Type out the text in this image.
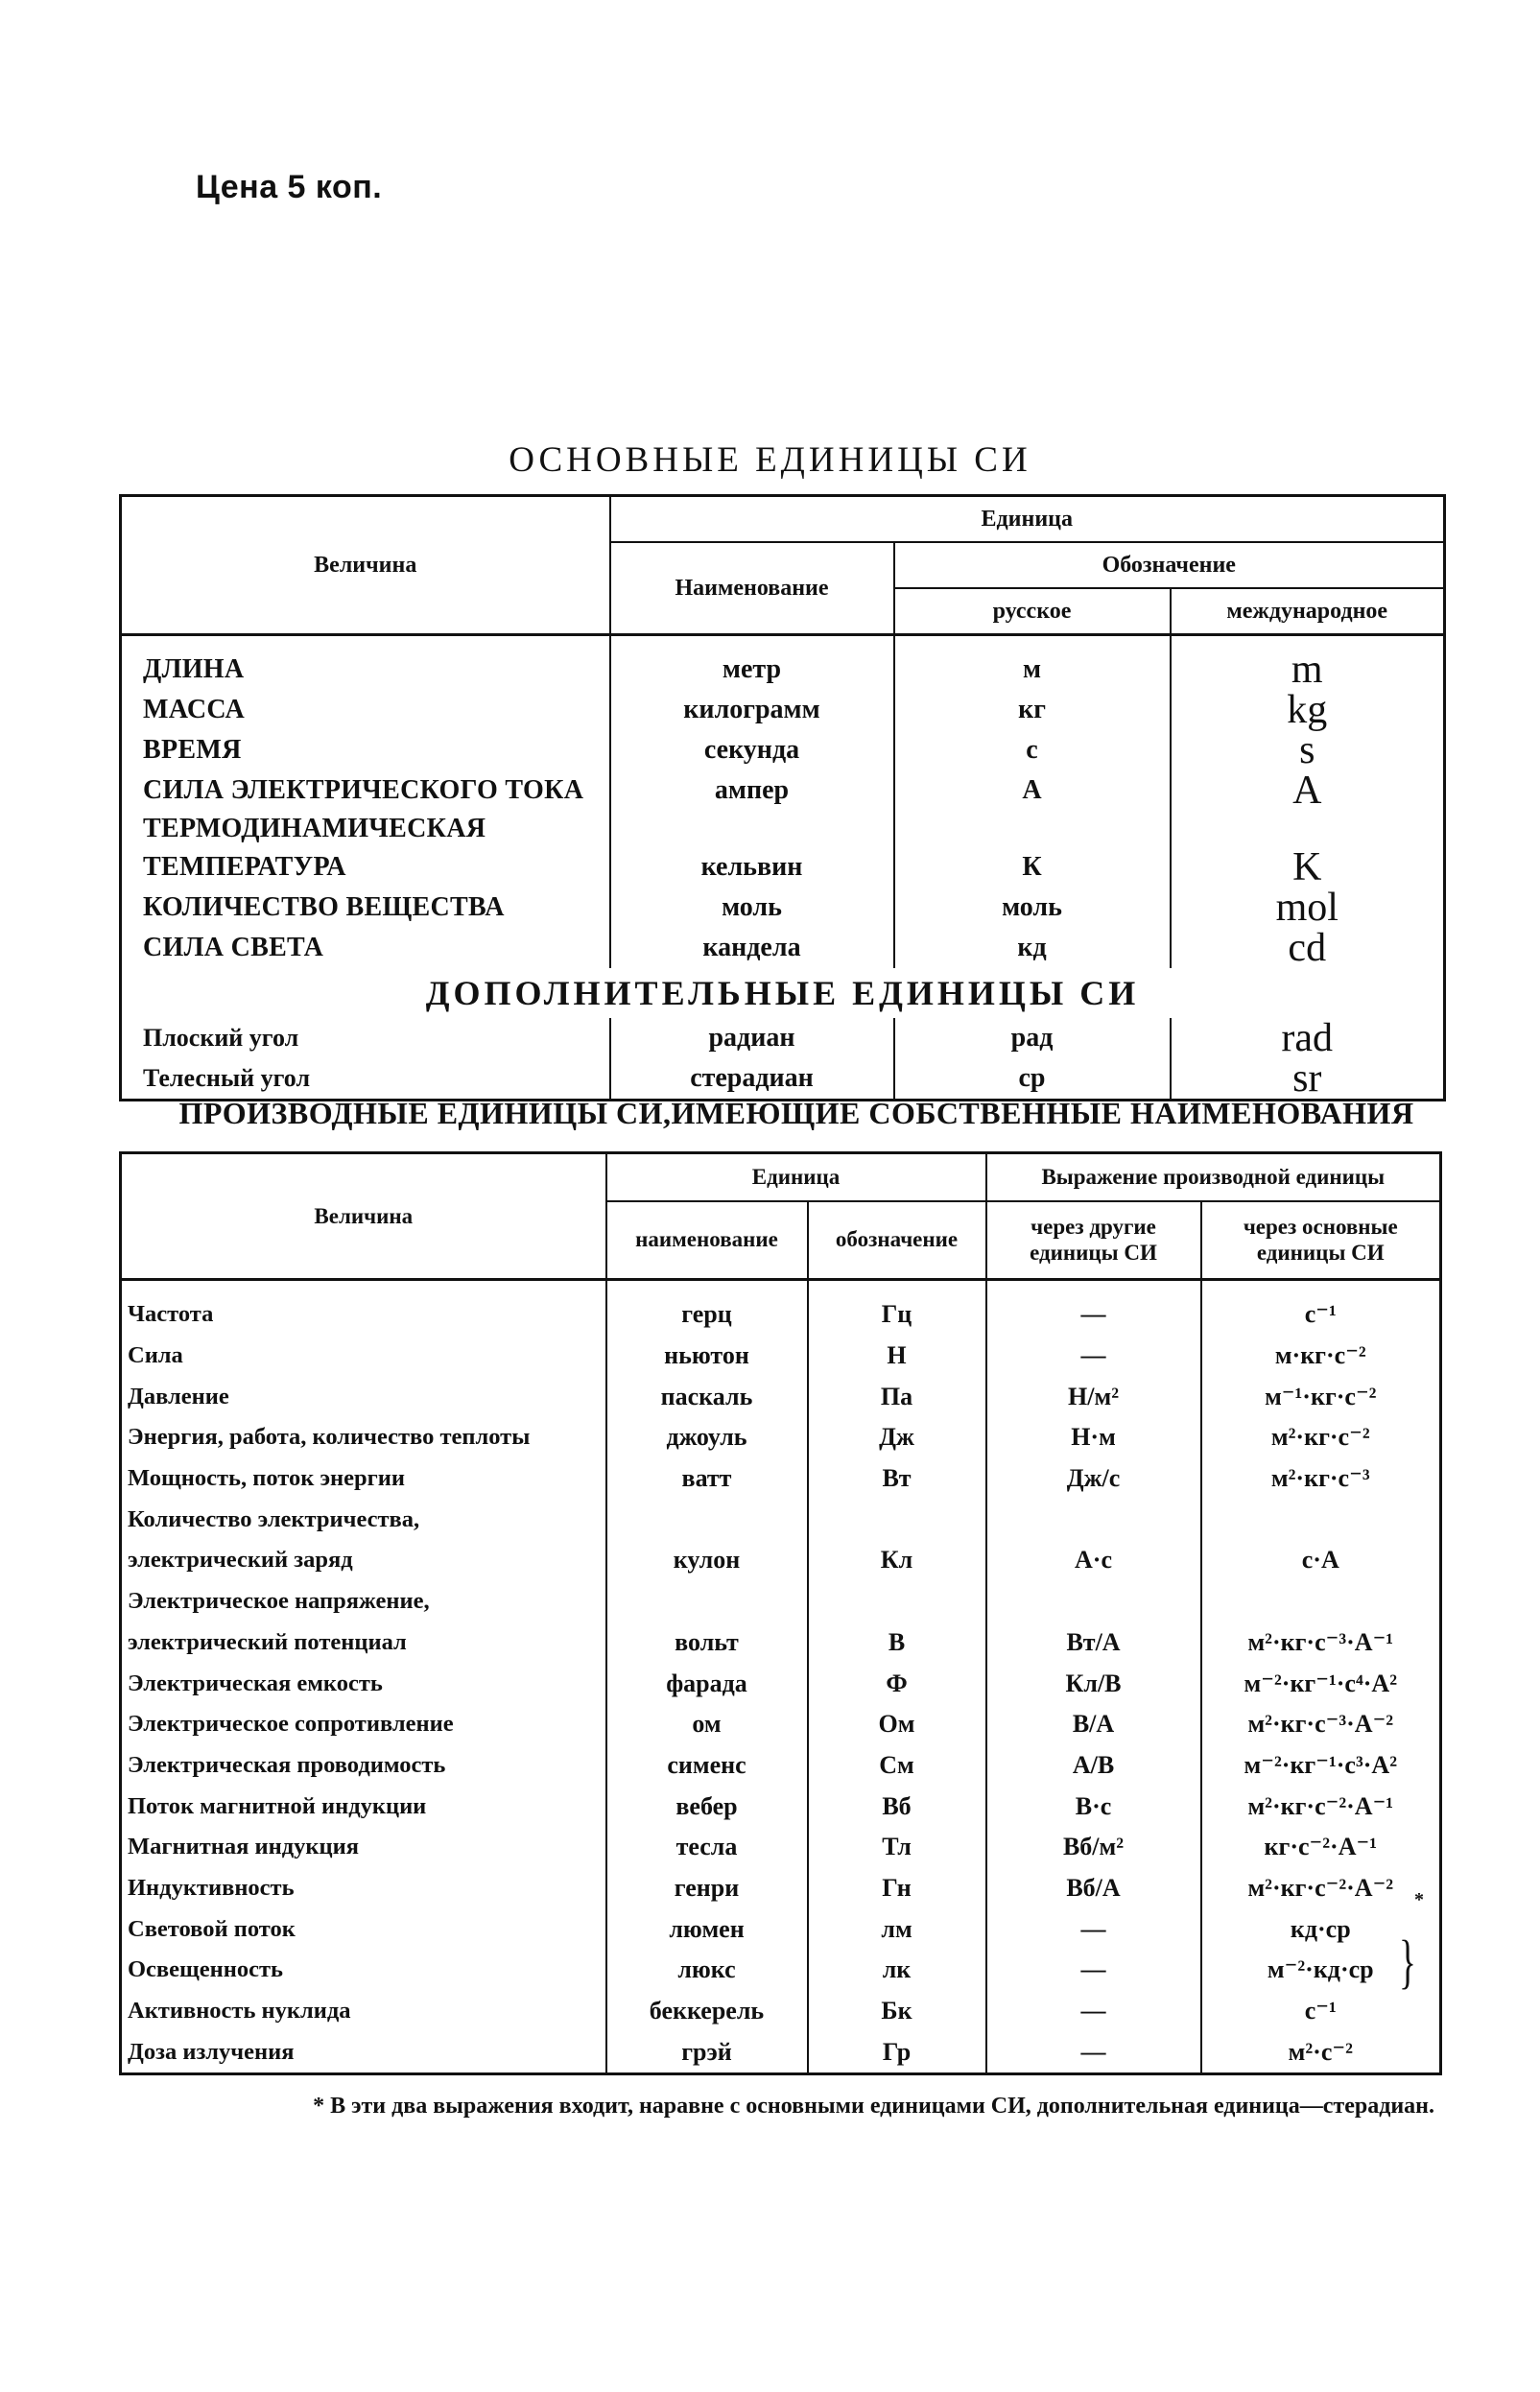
Цена 5 коп.
ОСНОВНЫЕ ЕДИНИЦЫ СИ
Величина	Единица		
	Наименование	Обозначение	
		русское	международное

ДЛИНА	метр	м	m
МАССА	килограмм	кг	kg
ВРЕМЯ	секунда	с	s
СИЛА ЭЛЕКТРИЧЕСКОГО ТОКА	ампер	А	A
ТЕРМОДИНАМИЧЕСКАЯ			
ТЕМПЕРАТУРА	кельвин	К	K
КОЛИЧЕСТВО ВЕЩЕСТВА	моль	моль	mol
СИЛА СВЕТА	кандела	кд	cd
ДОПОЛНИТЕЛЬНЫЕ ЕДИНИЦЫ СИ			
Плоский угол	радиан	рад	rad
Телесный угол	стерадиан	ср	sr
ПРОИЗВОДНЫЕ ЕДИНИЦЫ СИ,ИМЕЮЩИЕ СОБСТВЕННЫЕ НАИМЕНОВАНИЯ
Величина	Единица		Выражение производной единицы	
	наименование	обозначение	через другие единицы СИ	через основные единицы СИ

Частота	герц	Гц	—	с⁻¹
Сила	ньютон	Н	—	м·кг·с⁻²
Давление	паскаль	Па	Н/м²	м⁻¹·кг·с⁻²
Энергия, работа, количество теплоты	джоуль	Дж	Н·м	м²·кг·с⁻²
Мощность, поток энергии	ватт	Вт	Дж/с	м²·кг·с⁻³
Количество электричества,				
электрический заряд	кулон	Кл	А·с	с·А
Электрическое напряжение,				
электрический потенциал	вольт	В	Вт/А	м²·кг·с⁻³·А⁻¹
Электрическая емкость	фарада	Ф	Кл/В	м⁻²·кг⁻¹·с⁴·А²
Электрическое сопротивление	ом	Ом	В/А	м²·кг·с⁻³·А⁻²
Электрическая проводимость	сименс	См	А/В	м⁻²·кг⁻¹·с³·А²
Поток магнитной индукции	вебер	Вб	В·с	м²·кг·с⁻²·А⁻¹
Магнитная индукция	тесла	Тл	Вб/м²	кг·с⁻²·А⁻¹
Индуктивность	генри	Гн	Вб/А	м²·кг·с⁻²·А⁻²
Световой поток	люмен	лм	—	кд·ср
*

Освещенность	люкс	лк	—	м⁻²·кд·ср }

Активность нуклида	беккерель	Бк	—	с⁻¹
Доза излучения	грэй	Гр	—	м²·с⁻²
* В эти два выражения входит, наравне с основными единицами СИ, дополнительная единица—стерадиан.
